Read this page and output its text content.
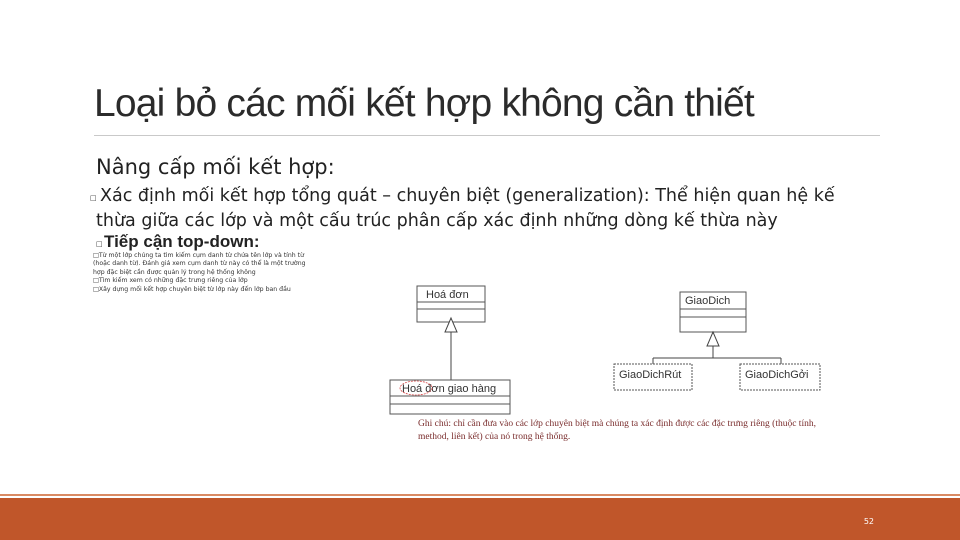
Loại bỏ các mối kết hợp không cần thiết
Nâng cấp mối kết hợp:
□ Xác định mối kết hợp tổng quát – chuyên biệt (generalization): Thể hiện quan hệ kế thừa giữa các lớp và một cấu trúc phân cấp xác định những dòng kế thừa này
□ Tiếp cận top-down:
□Từ một lớp chúng ta tìm kiếm cụm danh từ chứa tên lớp và tính từ (hoặc danh từ). Đánh giá xem cụm danh từ này có thể là một trường hợp đặc biệt cần được quản lý trong hệ thống không
□Tìm kiếm xem có những đặc trưng riêng của lớp
□Xây dựng mối kết hợp chuyên biệt từ lớp này đến lớp ban đầu	Hoá đơn
Hoá đơn giao hàng
GiaoDich
GiaoDichRút	GiaoDichGởi
Ghi chú: chỉ cần đưa vào các lớp chuyên biệt mà chúng ta xác định được các đặc trưng riêng (thuộc tính, method, liên kết) của nó trong hệ thống.
52
